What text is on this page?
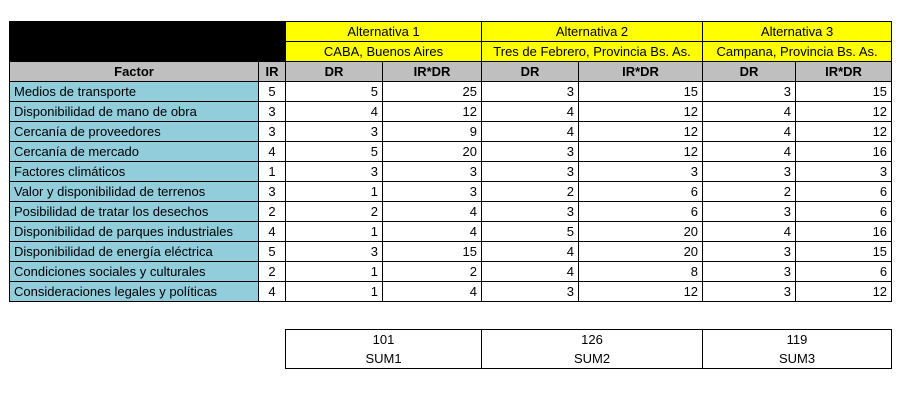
		Alternativa 1		Alternativa 2		Alternativa 3	
		CABA, Buenos Aires		Tres de Febrero, Provincia Bs. As.		Campana, Provincia Bs. As.	
Factor	IR	DR	IR*DR	DR	IR*DR	DR	IR*DR
Medios de transporte	5	5	25	3	15	3	15
Disponibilidad de mano de obra	3	4	12	4	12	4	12
Cercanía de proveedores	3	3	9	4	12	4	12
Cercanía de mercado	4	5	20	3	12	4	16
Factores climáticos	1	3	3	3	3	3	3
Valor y disponibilidad de terrenos	3	1	3	2	6	2	6
Posibilidad de tratar los desechos	2	2	4	3	6	3	6
Disponibilidad de parques industriales	4	1	4	5	20	4	16
Disponibilidad de energía eléctrica	5	3	15	4	20	3	15
Condiciones sociales y culturales	2	1	2	4	8	3	6
Consideraciones legales y políticas	4	1	4	3	12	3	12
101	126	119
SUM1	SUM2	SUM3
